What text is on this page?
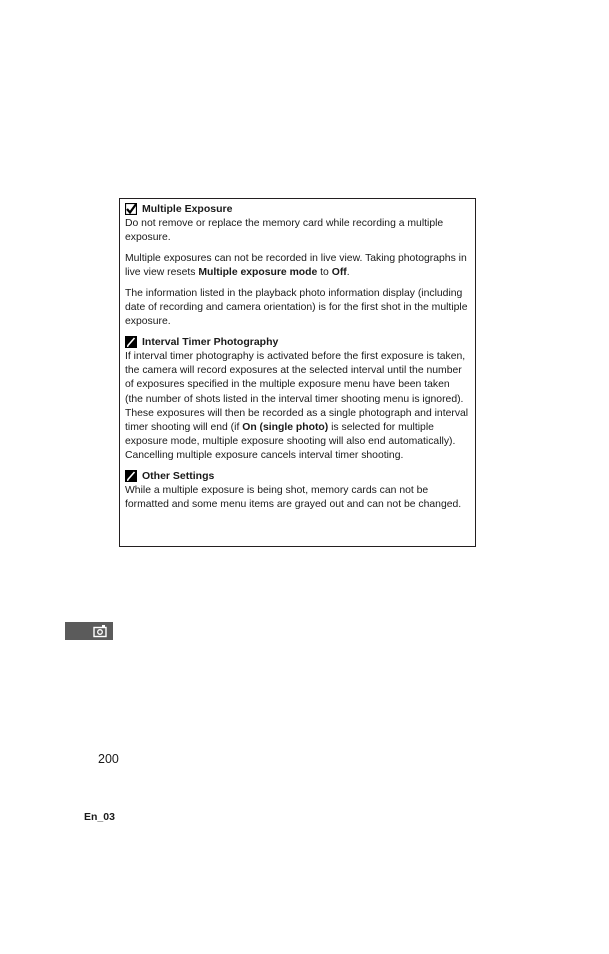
Multiple Exposure

Do not remove or replace the memory card while recording a multiple exposure.

Multiple exposures can not be recorded in live view. Taking photographs in live view resets Multiple exposure mode to Off.

The information listed in the playback photo information display (including date of recording and camera orientation) is for the first shot in the multiple exposure.

Interval Timer Photography

If interval timer photography is activated before the first exposure is taken, the camera will record exposures at the selected interval until the number of exposures specified in the multiple exposure menu have been taken (the number of shots listed in the interval timer shooting menu is ignored). These exposures will then be recorded as a single photograph and interval timer shooting will end (if On (single photo) is selected for multiple exposure mode, multiple exposure shooting will also end automatically). Cancelling multiple exposure cancels interval timer shooting.

Other Settings

While a multiple exposure is being shot, memory cards can not be formatted and some menu items are grayed out and can not be changed.

200
En_03
